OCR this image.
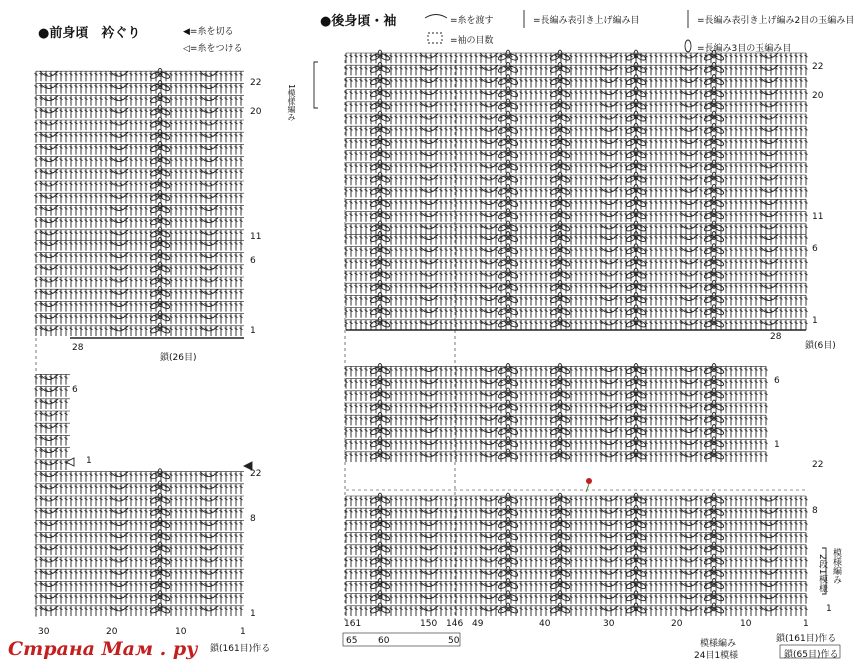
●前身頃　衿ぐり	◀=糸を切る
◁=糸をつける
22
20
11
6
1
28
鎖(26目)
6
1
22
8
1
30	20	10	1
鎖(161目)作る
●後身頃・袖	=糸を渡す
=袖の目数
=長編み表引き上げ編み目	=長編み表引き上げ編み2目の玉編み目
=長編み3目の玉編み目
1模様編み
22
20
11
6
1
28
鎖(6目)
6
1
22
8
1
模様編み
2段1模様
161	150 146 49	40	30	20	10	1
65 60	50	模様編み
24目1模様
鎖(161目)作る
鎖(65目)作る
Страна Мам . ру
